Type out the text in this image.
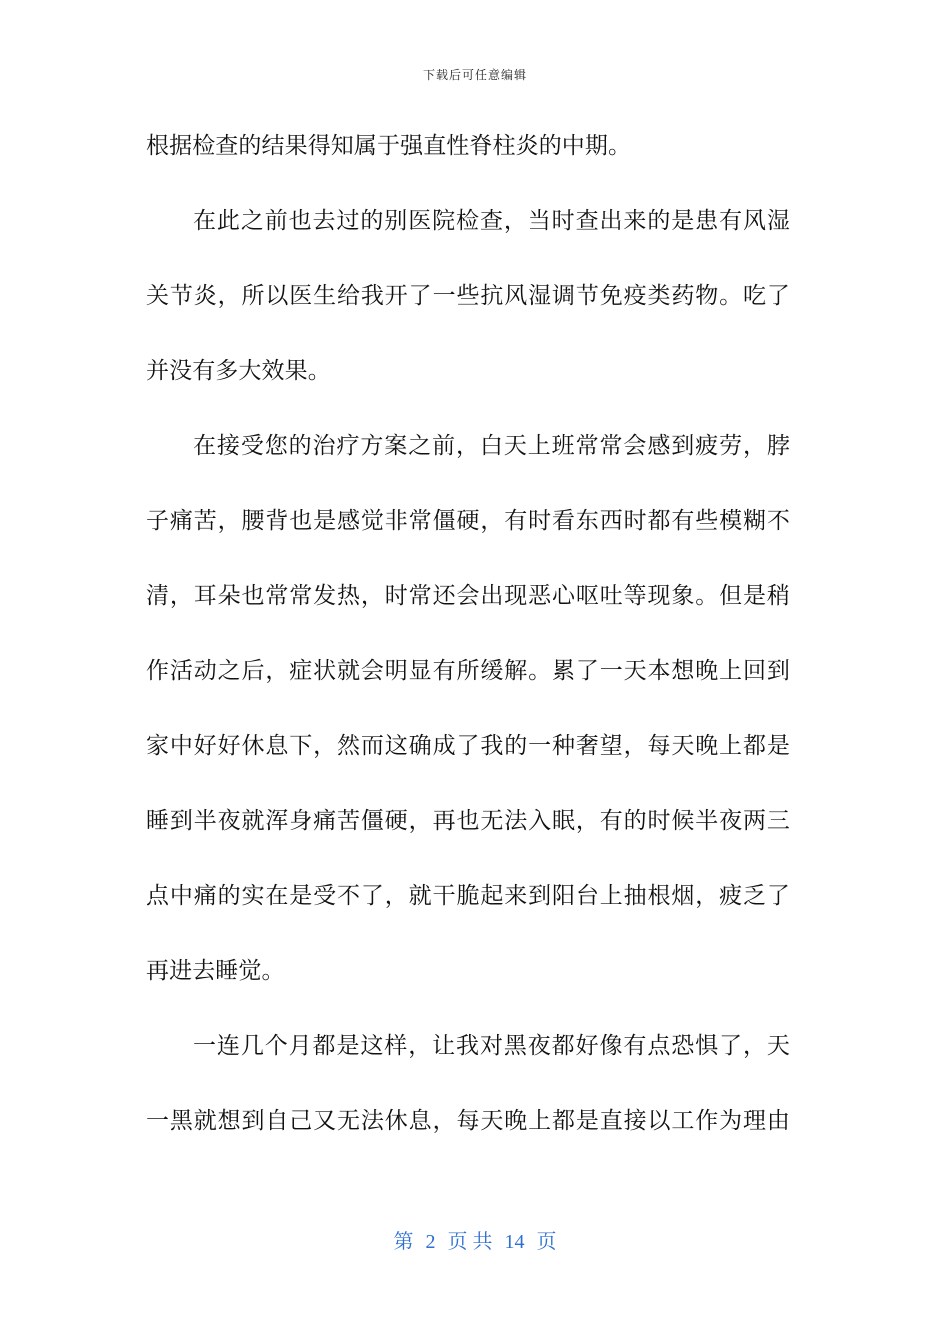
下载后可任意编辑
根据检查的结果得知属于强直性脊柱炎的中期。
在此之前也去过的别医院检查，当时查出来的是患有风湿
关节炎，所以医生给我开了一些抗风湿调节免疫类药物。吃了
并没有多大效果。
在接受您的治疗方案之前，白天上班常常会感到疲劳，脖
子痛苦，腰背也是感觉非常僵硬，有时看东西时都有些模糊不
清，耳朵也常常发热，时常还会出现恶心呕吐等现象。但是稍
作活动之后，症状就会明显有所缓解。累了一天本想晚上回到
家中好好休息下，然而这确成了我的一种奢望，每天晚上都是
睡到半夜就浑身痛苦僵硬，再也无法入眠，有的时候半夜两三
点中痛的实在是受不了，就干脆起来到阳台上抽根烟，疲乏了
再进去睡觉。
一连几个月都是这样，让我对黑夜都好像有点恐惧了，天
一黑就想到自己又无法休息，每天晚上都是直接以工作为理由
第 2 页 共 14 页
